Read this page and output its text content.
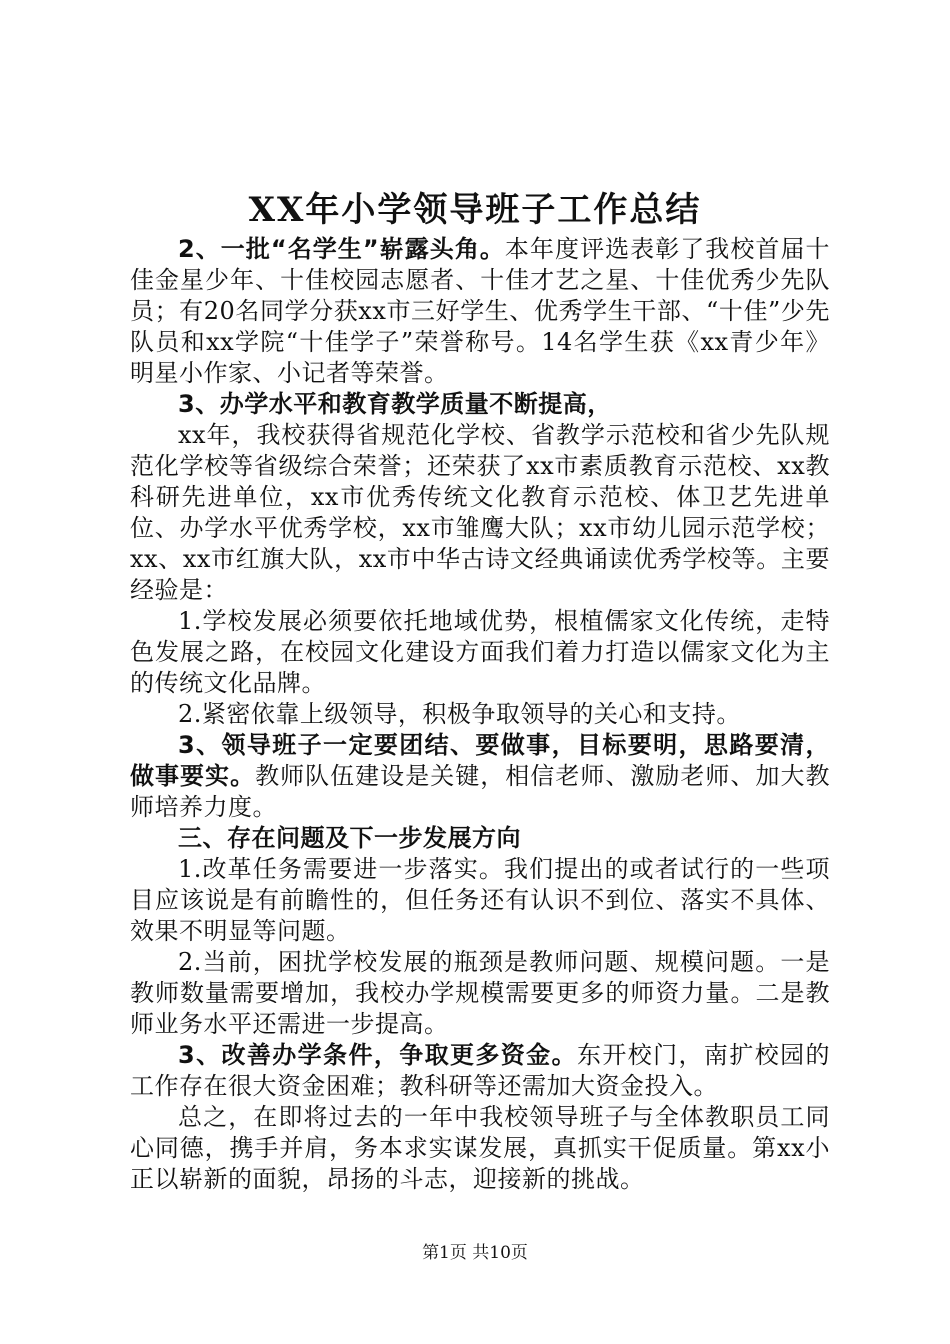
XX年小学领导班子工作总结

2、一批“名学生”崭露头角。本年度评选表彰了我校首届十佳金星少年、十佳校园志愿者、十佳才艺之星、十佳优秀少先队员；有20名同学分获xx市三好学生、优秀学生干部、“十佳”少先队员和xx学院“十佳学子”荣誉称号。14名学生获《xx青少年》明星小作家、小记者等荣誉。

3、办学水平和教育教学质量不断提高，

xx年，我校获得省规范化学校、省教学示范校和省少先队规范化学校等省级综合荣誉；还荣获了xx市素质教育示范校、xx教科研先进单位，xx市优秀传统文化教育示范校、体卫艺先进单位、办学水平优秀学校，xx市雏鹰大队；xx市幼儿园示范学校；xx、xx市红旗大队，xx市中华古诗文经典诵读优秀学校等。主要经验是：

1.学校发展必须要依托地域优势，根植儒家文化传统，走特色发展之路，在校园文化建设方面我们着力打造以儒家文化为主的传统文化品牌。

2.紧密依靠上级领导，积极争取领导的关心和支持。

3、领导班子一定要团结、要做事，目标要明，思路要清，做事要实。教师队伍建设是关键，相信老师、激励老师、加大教师培养力度。

三、存在问题及下一步发展方向

1.改革任务需要进一步落实。我们提出的或者试行的一些项目应该说是有前瞻性的，但任务还有认识不到位、落实不具体、效果不明显等问题。

2.当前，困扰学校发展的瓶颈是教师问题、规模问题。一是教师数量需要增加，我校办学规模需要更多的师资力量。二是教师业务水平还需进一步提高。

3、改善办学条件，争取更多资金。东开校门，南扩校园的工作存在很大资金困难；教科研等还需加大资金投入。

总之，在即将过去的一年中我校领导班子与全体教职员工同心同德，携手并肩，务本求实谋发展，真抓实干促质量。第xx小正以崭新的面貌，昂扬的斗志，迎接新的挑战。

第1页 共10页
